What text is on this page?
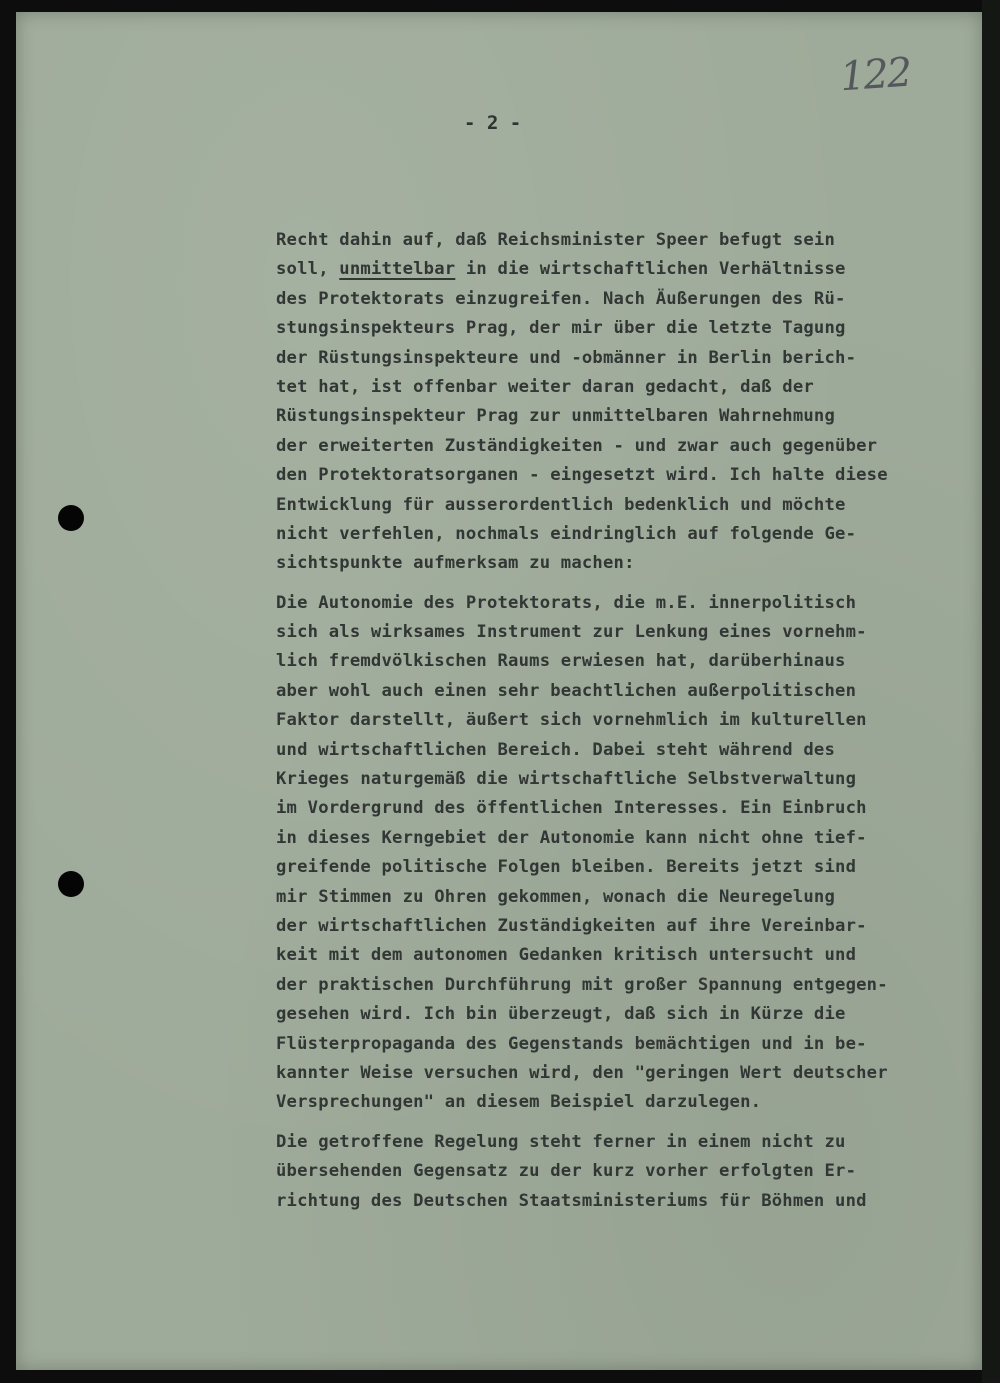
122
- 2 -
Recht dahin auf, daß Reichsminister Speer befugt sein
soll, unmittelbar in die wirtschaftlichen Verhältnisse
des Protektorats einzugreifen. Nach Äußerungen des Rü-
stungsinspekteurs Prag, der mir über die letzte Tagung
der Rüstungsinspekteure und -obmänner in Berlin berich-
tet hat, ist offenbar weiter daran gedacht, daß der
Rüstungsinspekteur Prag zur unmittelbaren Wahrnehmung
der erweiterten Zuständigkeiten - und zwar auch gegenüber
den Protektoratsorganen - eingesetzt wird. Ich halte diese
Entwicklung für ausserordentlich bedenklich und möchte
nicht verfehlen, nochmals eindringlich auf folgende Ge-
sichtspunkte aufmerksam zu machen:
Die Autonomie des Protektorats, die m.E. innerpolitisch
sich als wirksames Instrument zur Lenkung eines vornehm-
lich fremdvölkischen Raums erwiesen hat, darüberhinaus
aber wohl auch einen sehr beachtlichen außerpolitischen
Faktor darstellt, äußert sich vornehmlich im kulturellen
und wirtschaftlichen Bereich. Dabei steht während des
Krieges naturgemäß die wirtschaftliche Selbstverwaltung
im Vordergrund des öffentlichen Interesses. Ein Einbruch
in dieses Kerngebiet der Autonomie kann nicht ohne tief-
greifende politische Folgen bleiben. Bereits jetzt sind
mir Stimmen zu Ohren gekommen, wonach die Neuregelung
der wirtschaftlichen Zuständigkeiten auf ihre Vereinbar-
keit mit dem autonomen Gedanken kritisch untersucht und
der praktischen Durchführung mit großer Spannung entgegen-
gesehen wird. Ich bin überzeugt, daß sich in Kürze die
Flüsterpropaganda des Gegenstands bemächtigen und in be-
kannter Weise versuchen wird, den "geringen Wert deutscher
Versprechungen" an diesem Beispiel darzulegen.
Die getroffene Regelung steht ferner in einem nicht zu
übersehenden Gegensatz zu der kurz vorher erfolgten Er-
richtung des Deutschen Staatsministeriums für Böhmen und
